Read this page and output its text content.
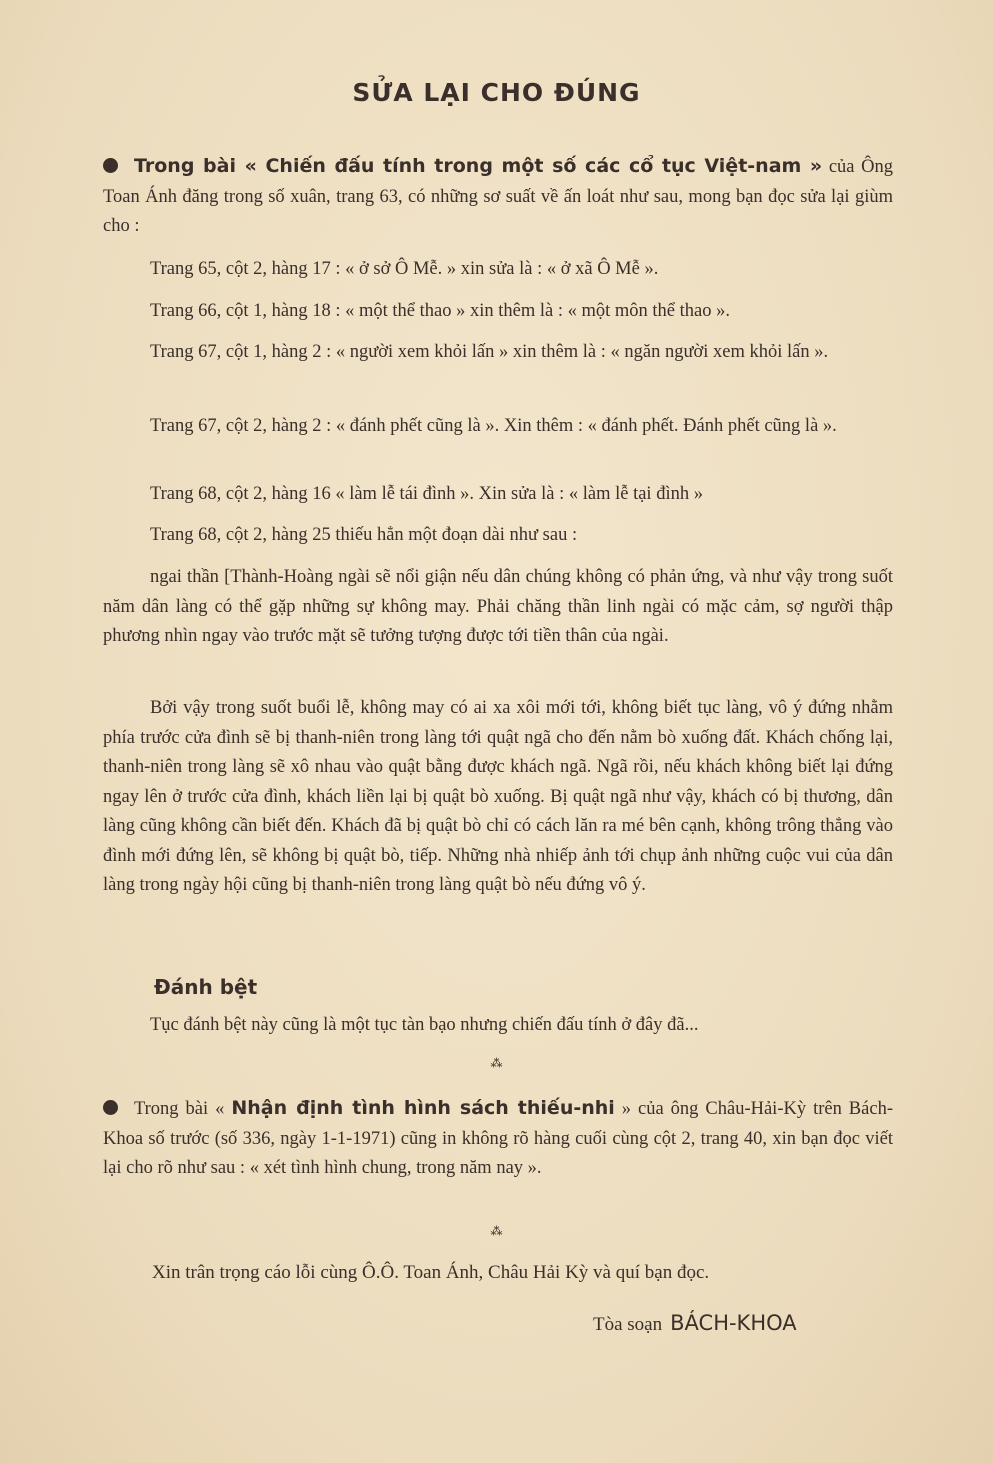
SỬA LẠI CHO ĐÚNG
Trong bài « Chiến đấu tính trong một số các cổ tục Việt-nam » của Ông Toan Ánh đăng trong số xuân, trang 63, có những sơ suất về ấn loát như sau, mong bạn đọc sửa lại giùm cho :
Trang 65, cột 2, hàng 17 : « ở sở Ô Mễ. » xin sửa là : « ở xã Ô Mễ ».
Trang 66, cột 1, hàng 18 : « một thể thao » xin thêm là : « một môn thể thao ».
Trang 67, cột 1, hàng 2 : « người xem khỏi lấn » xin thêm là : « ngăn người xem khỏi lấn ».
Trang 67, cột 2, hàng 2 : « đánh phết cũng là ». Xin thêm : « đánh phết. Đánh phết cũng là ».
Trang 68, cột 2, hàng 16 « làm lễ tái đình ». Xin sửa là : « làm lễ tại đình »
Trang 68, cột 2, hàng 25 thiếu hẳn một đoạn dài như sau :
ngai thần [Thành-Hoàng ngài sẽ nổi giận nếu dân chúng không có phản ứng, và như vậy trong suốt năm dân làng có thể gặp những sự không may. Phải chăng thần linh ngài có mặc cảm, sợ người thập phương nhìn ngay vào trước mặt sẽ tưởng tượng được tới tiền thân của ngài.
Bởi vậy trong suốt buổi lễ, không may có ai xa xôi mới tới, không biết tục làng, vô ý đứng nhằm phía trước cửa đình sẽ bị thanh-niên trong làng tới quật ngã cho đến nằm bò xuống đất. Khách chống lại, thanh-niên trong làng sẽ xô nhau vào quật bằng được khách ngã. Ngã rồi, nếu khách không biết lại đứng ngay lên ở trước cửa đình, khách liền lại bị quật bò xuống. Bị quật ngã như vậy, khách có bị thương, dân làng cũng không cần biết đến. Khách đã bị quật bò chỉ có cách lăn ra mé bên cạnh, không trông thẳng vào đình mới đứng lên, sẽ không bị quật bò, tiếp. Những nhà nhiếp ảnh tới chụp ảnh những cuộc vui của dân làng trong ngày hội cũng bị thanh-niên trong làng quật bò nếu đứng vô ý.
Đánh bệt
Tục đánh bệt này cũng là một tục tàn bạo nhưng chiến đấu tính ở đây đã...
⁂
Trong bài « Nhận định tình hình sách thiếu-nhi » của ông Châu-Hải-Kỳ trên Bách-Khoa số trước (số 336, ngày 1-1-1971) cũng in không rõ hàng cuối cùng cột 2, trang 40, xin bạn đọc viết lại cho rõ như sau : « xét tình hình chung, trong năm nay ».
⁂
Xin trân trọng cáo lỗi cùng Ô.Ô. Toan Ánh, Châu Hải Kỳ và quí bạn đọc.
Tòa soạn BÁCH-KHOA
